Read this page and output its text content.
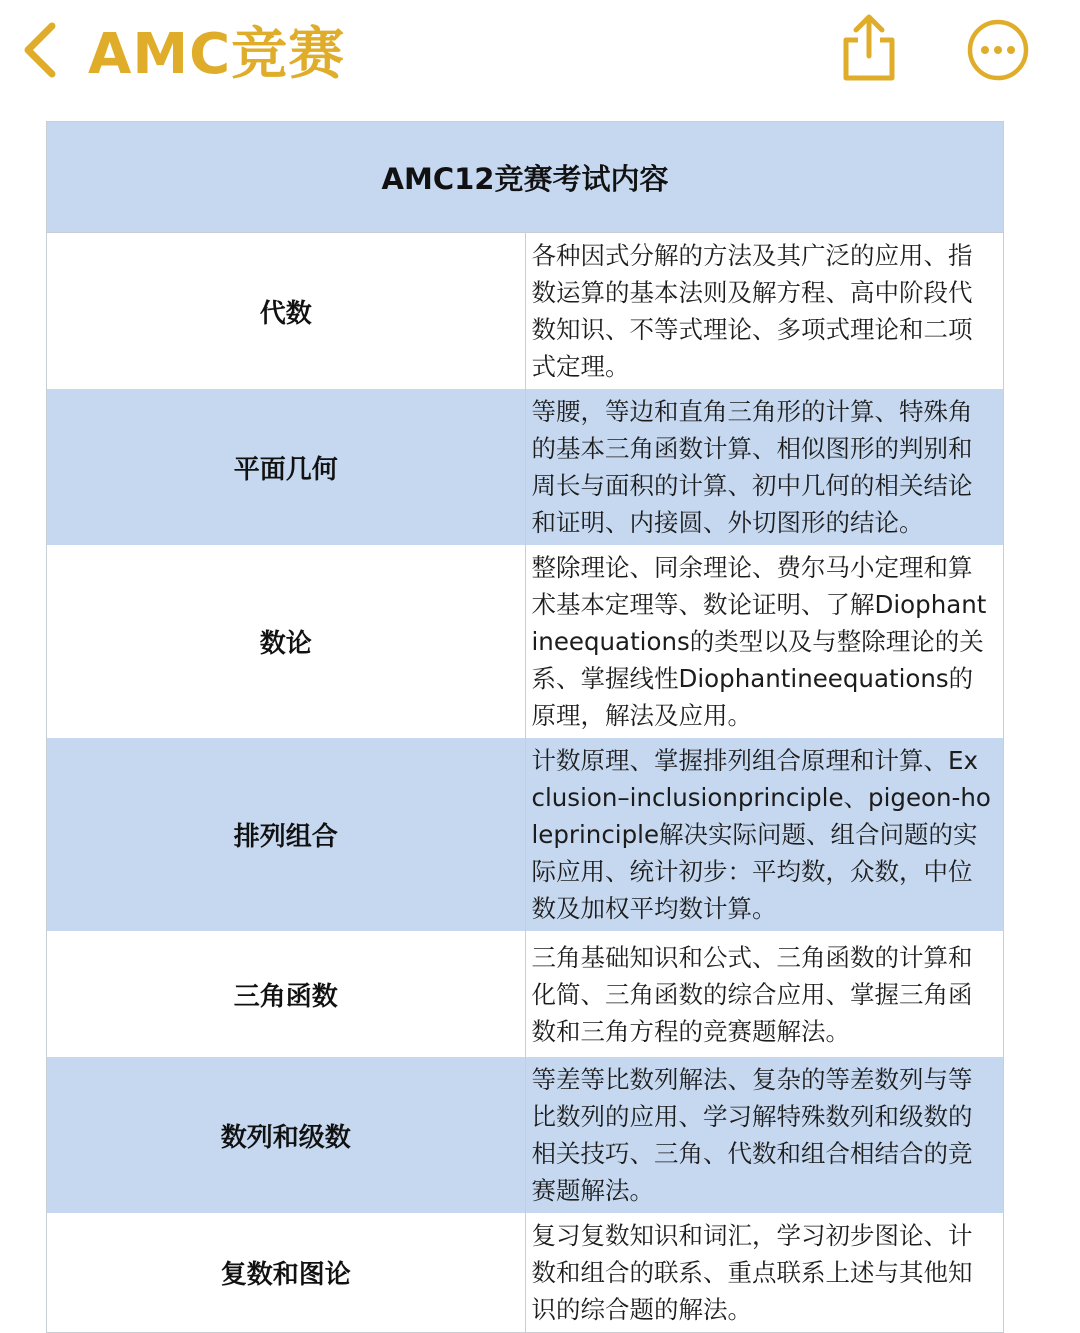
AMC竞赛
AMC12竞赛考试内容	
代数	各种因式分解的方法及其广泛的应用、指数运算的基本法则及解方程、高中阶段代数知识、不等式理论、多项式理论和二项式定理。
平面几何	等腰，等边和直角三角形的计算、特殊角的基本三角函数计算、相似图形的判别和周长与面积的计算、初中几何的相关结论和证明、内接圆、外切图形的结论。
数论	整除理论、同余理论、费尔马小定理和算术基本定理等、数论证明、了解Diophantineequations的类型以及与整除理论的关系、掌握线性Diophantineequations的原理，解法及应用。
排列组合	计数原理、掌握排列组合原理和计算、Exclusion–inclusionprinciple、pigeon-holeprinciple解决实际问题、组合问题的实际应用、统计初步：平均数，众数，中位数及加权平均数计算。
三角函数	三角基础知识和公式、三角函数的计算和化简、三角函数的综合应用、掌握三角函数和三角方程的竞赛题解法。
数列和级数	等差等比数列解法、复杂的等差数列与等比数列的应用、学习解特殊数列和级数的相关技巧、三角、代数和组合相结合的竞赛题解法。
复数和图论	复习复数知识和词汇，学习初步图论、计数和组合的联系、重点联系上述与其他知识的综合题的解法。
